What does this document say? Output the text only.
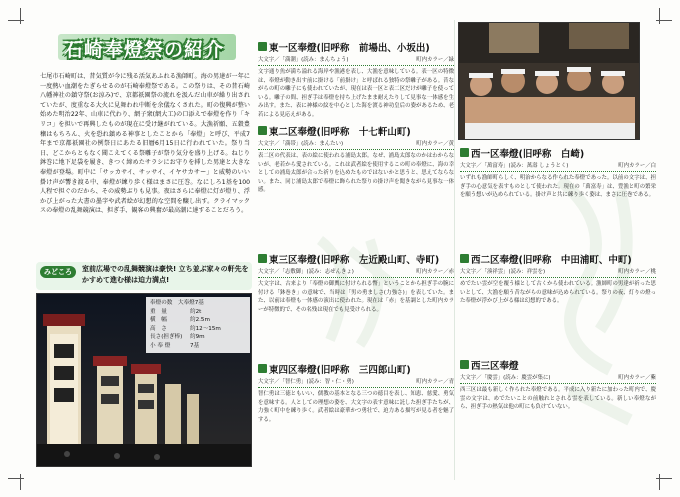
石崎奉燈祭の紹介
七尾市石崎町は、昔気質が今に残る活気あふれる漁師町。海の男達が一年に一度熱い血潮をたぎらせるのが石崎奉燈祭である。この祭りは、その昔石崎八幡神社の鎮守祭(お涼み)で、京都祇園祭の流れを汲んだ山車が繰り出されていたが、度重なる大火に見舞われ中断を余儀なくされた。町の復興が整い始めた明治22年、山車に代わり、網子衆(網大工)の口添えで奉燈を作り「キリコ」を担いで再興したものが現在に受け継がれている。大漁祈願、五穀豊穣はもちろん、火を恐れ鎮める神事としたことから「奉燈」と呼び、平成7年まで京都祇園社の例祭日にあたる旧暦6月15日に行われていた。祭り当日、どこからともなく聞こえてくる祭囃子が祭り気分を盛り上げる。ねじり鉢巻に地下足袋を履き、きつく締めたサラシにお守りを挿した男達と大きな奉燈が登場。町中に「サッカサイ、サッサイ、イヤサカサー」と威勢のいい掛け声が響き渡る中、奉燈が練り歩く様はまさに圧巻。なにしろ1基を100人程で担ぐのだから、その威勢ぶりも見事。夜はさらに奉燈に灯が燈り、浮かび上がった大書の墨字や武者絵が幻想的な空間を醸し出す。クライマックスの奉燈の乱舞競演は、担ぎ手、観客の興奮が最高潮に達することだろう。
みどころ	室前広場での乱舞競演は豪快! 立ち並ぶ家々の軒先をかすめて進む様は迫力満点!
奉燈の数　大奉燈7基
重　量	約2t
横　幅	約2.5m
高　さ	約12〜15m
長さ(担ぎ棒)	約9m
小 奉 燈	7基
東一区奉燈(旧呼称　前場出、小坂出)
大文字／「満潮」(読み：まんちょう)	町内カラー／緑
文字通り魚が満ち溢れる海岸や漁港を表し、大漁を意味している。表一区の特徴は、奉燈が動き出す前に掛ける「前掛け」と呼ばれる独特の祭囃子がある。昔ながらの町の囃子にも使われていたが、現在は表一区と表二区だけが囃子を使っている。囃子の間、担ぎ手は奉燈を持ち上げたまま耐えたりして見事な一体感を生み出す。また、表に神様の紋を中心とした海を渡る神功皇后の姿があるため、老若による見応えがある。
東二区奉燈(旧呼称　十七軒山町)
大文字／「満帯」(読み：まんたい)	町内カラー／黄
表二区の代表は、表の絵に使われる浦島太郎。なぜ、浦島太郎なのかはわからないが、老若から愛されている。これは武者絵を使用するこの町の奉燈に、海の幸としての浦島太郎が合った祈りを込めたものではないかと思うと、思えてならない。また、同じ浦島太郎で奉燈に飾られた祭りの掛け声を聞きながら見事な一体感。
東三区奉燈(旧呼称　左近殿山町、寺町)
大文字／「志敷御」(読み：志ぜんきょ)	町内カラー／赤
大文字は、古来より「奉燈の御輿に付けられる幣」ということから担ぎ手の腕に付ける「鉢巻き」の意味で、当時は「男の勇ましさ(力強さ)」を表していた。また、以前は奉燈も一体感の演出に使われた。現在は「赤」を基調とした町内カラーが特徴的で、その名残は現在でも見受けられる。
東四区奉燈(旧呼称　三四郎山町)
大文字／「智仁勇」(読み：智・仁・勇)	町内カラー／青
智仁勇は三徳ともいい、儒教の基本となる三つの徳目を表し、知恵、慈愛、勇気を意味する。人としての理想の姿を、大文字の表す意味に託した担ぎ手たちが、力強く町中を練り歩く。武者絵は豪華かつ勇壮で、迫力ある描写が見る者を魅了する。
西一区奉燈(旧呼称　白崎)
大文字／「萬富寿」(読み：萬壽 しょうとく)	町内カラー／白
いずれも漁師町らしく、明治からなる作られた奉燈であった。以前の文字は、担ぎ手の心意気を表すものとして使われた。現在の「萬富寿」は、豊漁と町の繁栄を願う想いが込められている。掛け声と共に練り歩く姿は、まさに圧巻である。
西二区奉燈(旧呼称　中田浦町、中町)
大文字／「湊祥雲」(読み：祥雲を)	町内カラー／桃
めでたい雲が空を覆う様として古くから使われている。漁師町の男達が祈った思いとして、大漁を願う昔ながらの意味が込められている。祭りの夜、灯りの燈った奉燈が浮かび上がる様は幻想的である。
西三区奉燈
大文字／「慶雲」(読み：慶雲が集に)	町内カラー／紫
西三区は最も新しく作られた奉燈である。平成に入り新たに加わった町内で、慶雲の文字は、めでたいことの前触れとされる雲を表している。新しい奉燈ながら、担ぎ手の熱気は他の町にも負けていない。
